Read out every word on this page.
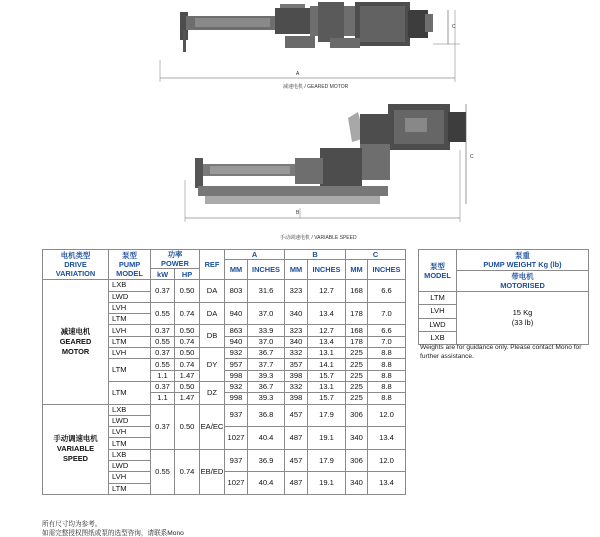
A
C
减速电机 / GEARED MOTOR
B
C
手动调速电机 / VARIABLE SPEED
电机类型
DRIVE
VARIATION	泵型
PUMP
MODEL	功率
POWER		REF	A		B		C	
					MM	INCHES	MM	INCHES	MM	INCHES
		kW	HP							
减速电机
GEARED
MOTOR	LXB	0.37	0.50	DA	803	31.6	323	12.7	168	6.6
	LWD									
	LVH	0.55	0.74	DA	940	37.0	340	13.4	178	7.0
	LTM									
	LVH	0.37	0.50	DB	863	33.9	323	12.7	168	6.6
	LTM	0.55	0.74		940	37.0	340	13.4	178	7.0
	LVH	0.37	0.50	DY	932	36.7	332	13.1	225	8.8
	LTM	0.55	0.74		957	37.7	357	14.1	225	8.8
		1.1	1.47		998	39.3	398	15.7	225	8.8
	LTM	0.37	0.50	DZ	932	36.7	332	13.1	225	8.8
		1.1	1.47		998	39.3	398	15.7	225	8.8
手动调速电机
VARIABLE
SPEED	LXB	0.37	0.50	EA/EC	937	36.8	457	17.9	306	12.0
	LWD									
	LVH				1027	40.4	487	19.1	340	13.4
	LTM									
	LXB	0.55	0.74	EB/ED	937	36.9	457	17.9	306	12.0
	LWD									
	LVH				1027	40.4	487	19.1	340	13.4
	LTM									
泵型
MODEL	泵重
PUMP WEIGHT Kg (lb)
	带电机
MOTORISED
LTM	15 Kg
(33 lb)
LVH	
LWD	
LXB	
Weights are for guidance only. Please contact Mono for further assistance.
所有尺寸均为参考。
如需完整授权图纸或泵的选型咨询，请联系Mono
